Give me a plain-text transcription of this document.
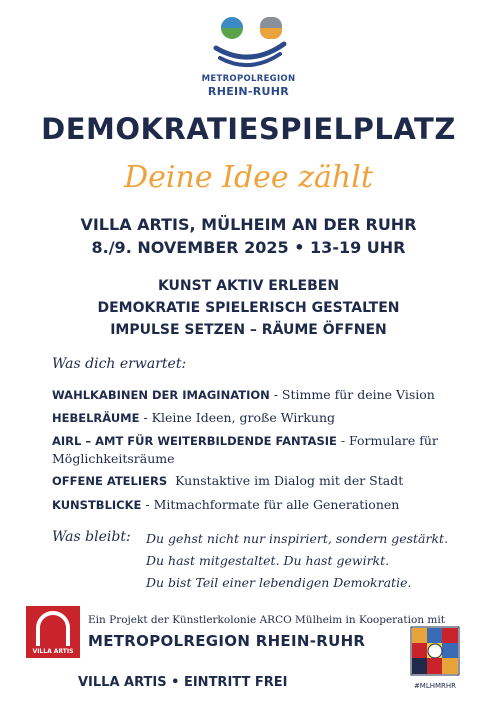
METROPOLREGION
RHEIN-RUHR
DEMOKRATIESPIELPLATZ
Deine Idee zählt
VILLA ARTIS, MÜLHEIM AN DER RUHR
8./9. NOVEMBER 2025 • 13-19 UHR
KUNST AKTIV ERLEBEN
DEMOKRATIE SPIELERISCH GESTALTEN
IMPULSE SETZEN – RÄUME ÖFFNEN
Was dich erwartet:
WAHLKABINEN DER IMAGINATION - Stimme für deine Vision
HEBELRÄUME - Kleine Ideen, große Wirkung
AIRL – AMT FÜR WEITERBILDENDE FANTASIE - Formulare für Möglichkeitsräume
OFFENE ATELIERS Kunstaktive im Dialog mit der Stadt
KUNSTBLICKE - Mitmachformate für alle Generationen
Was bleibt: Du gehst nicht nur inspiriert, sondern gestärkt.
Du hast mitgestaltet. Du hast gewirkt.
Du bist Teil einer lebendigen Demokratie.
VILLA ARTIS
Ein Projekt der Künstlerkolonie ARCO Mülheim in Kooperation mit
METROPOLREGION RHEIN-RUHR
VILLA ARTIS • EINTRITT FREI	#MLHMRHR
